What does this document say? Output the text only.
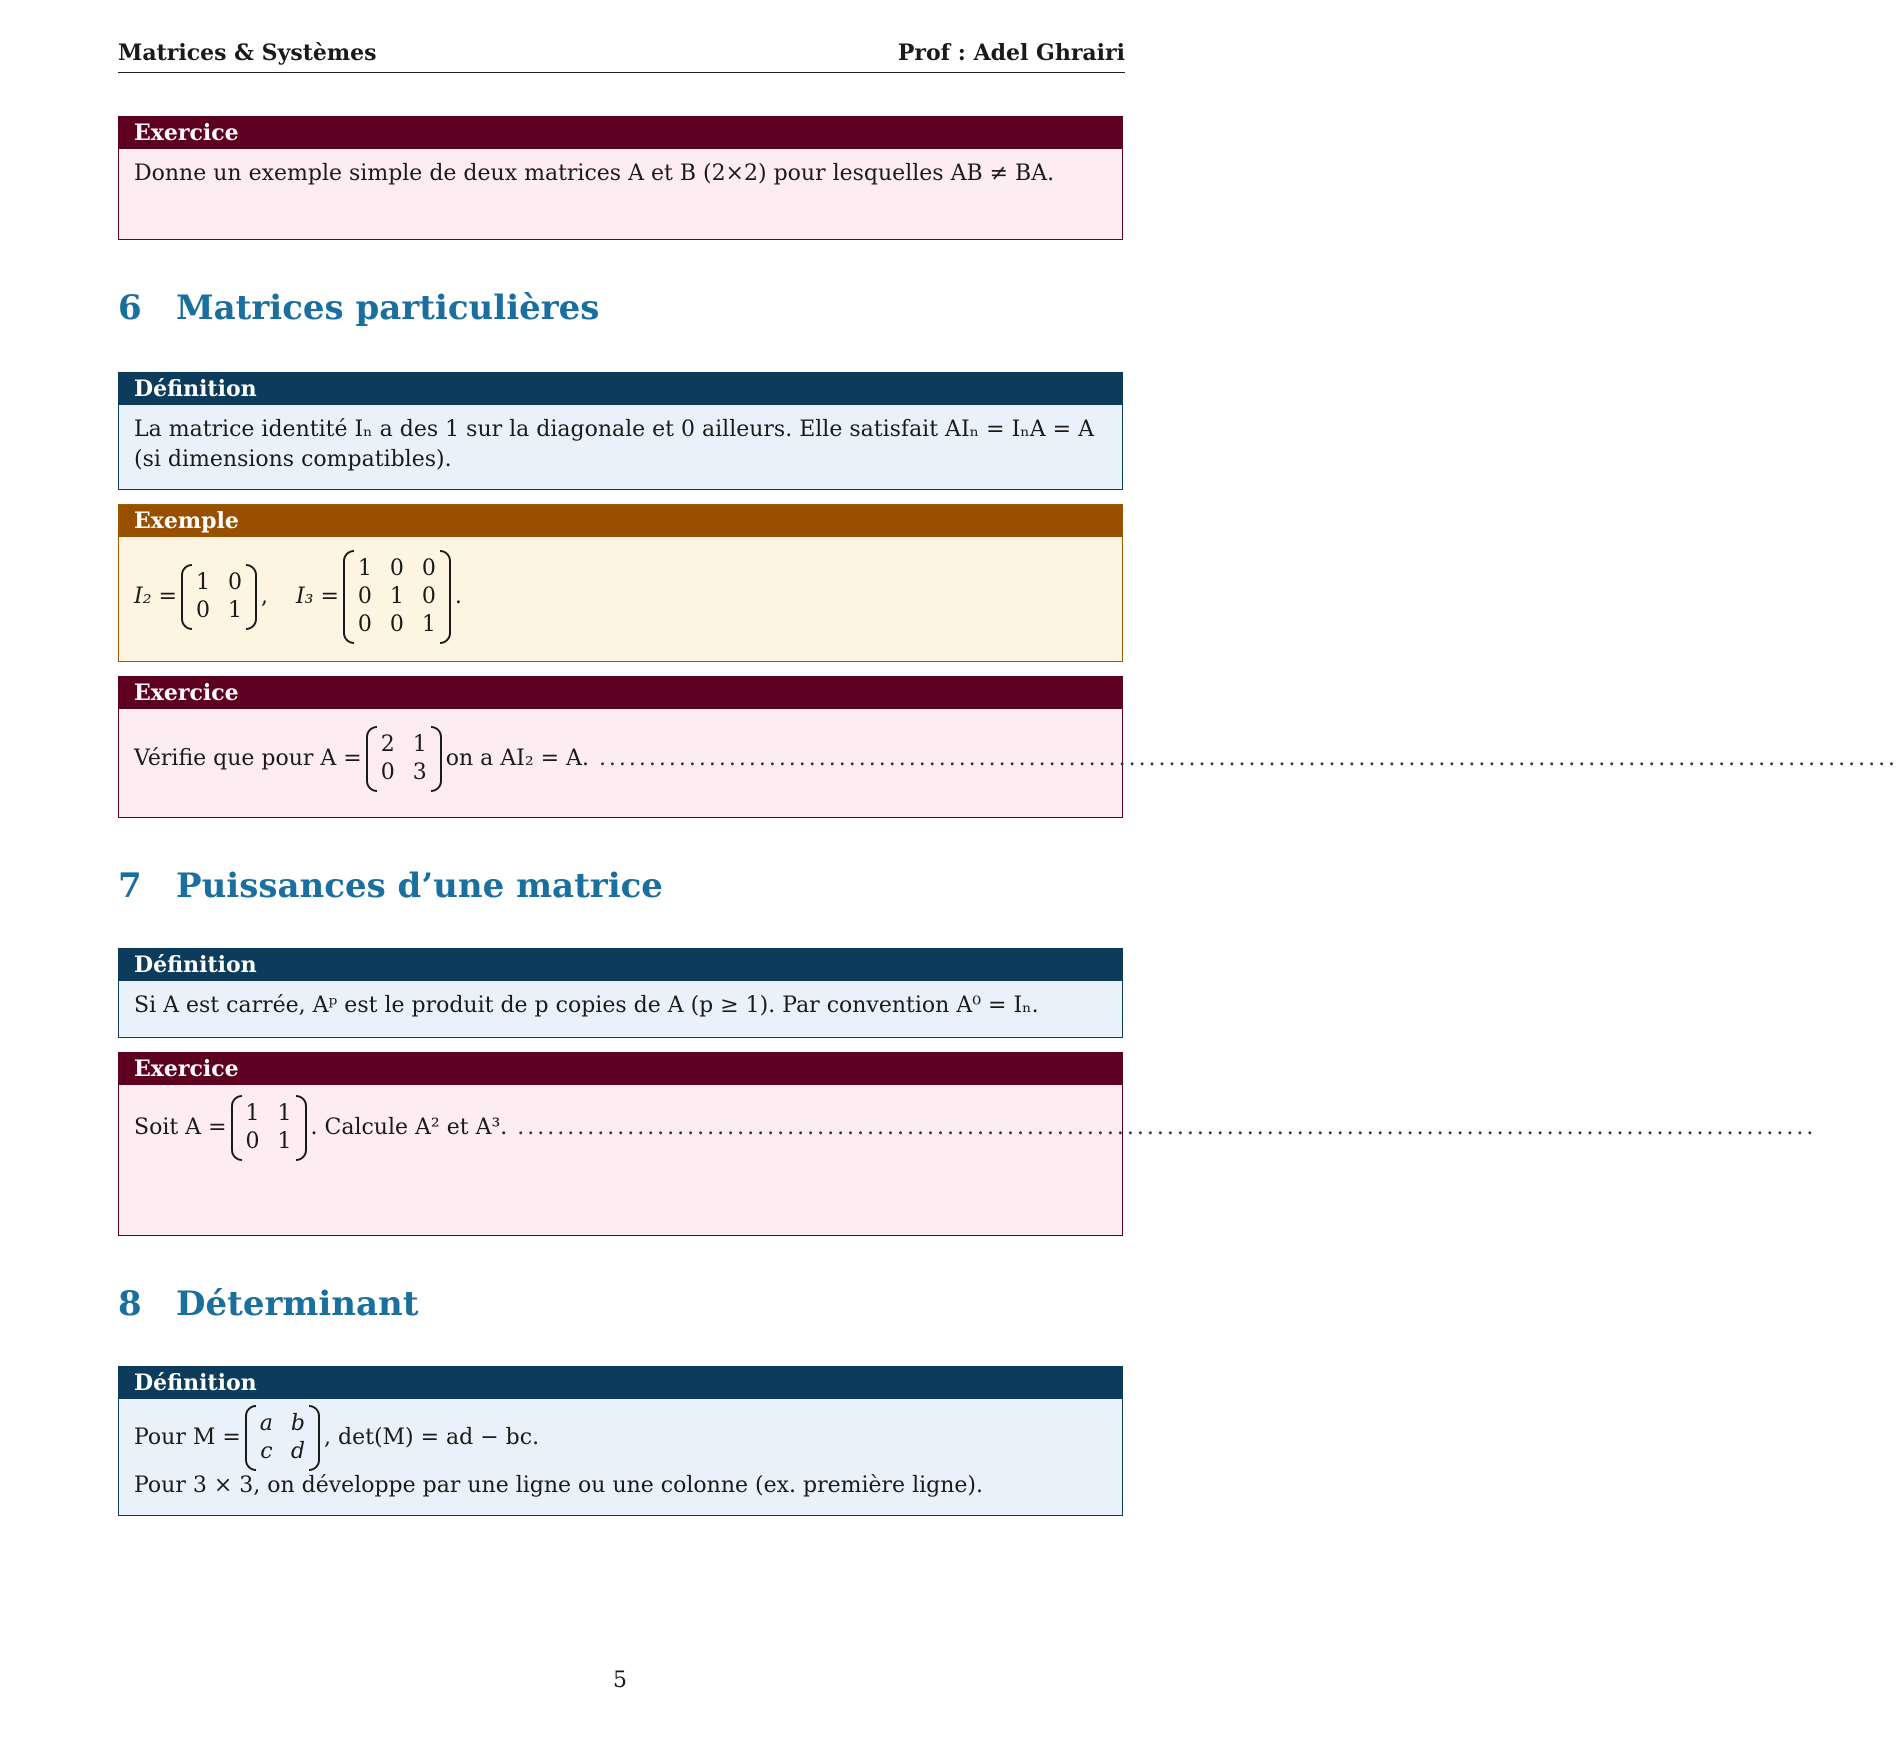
Matrices & Systèmes	Prof : Adel Ghrairi
Exercice
Donne un exemple simple de deux matrices A et B (2×2) pour lesquelles AB ≠ BA.
6 Matrices particulières
Définition
La matrice identité Iₙ a des 1 sur la diagonale et 0 ailleurs. Elle satisfait AIₙ = IₙA = A (si dimensions compatibles).
Exemple
I₂ =
1 0
0 1
, I₃ =
1 0 0
0 1 0
0 0 1
.
Exercice
Vérifie que pour A =
2 1
0 3
on a AI₂ = A. ..................................................................................................................................
7 Puissances d’une matrice
Définition
Si A est carrée, Aᵖ est le produit de p copies de A (p ≥ 1). Par convention A⁰ = Iₙ.
Exercice
Soit A =
1 1
0 1
. Calcule A² et A³. ..................................................................................................................................
8 Déterminant
Définition
Pour M =
a b
c d
, det(M) = ad − bc.
Pour 3 × 3, on développe par une ligne ou une colonne (ex. première ligne).
5
